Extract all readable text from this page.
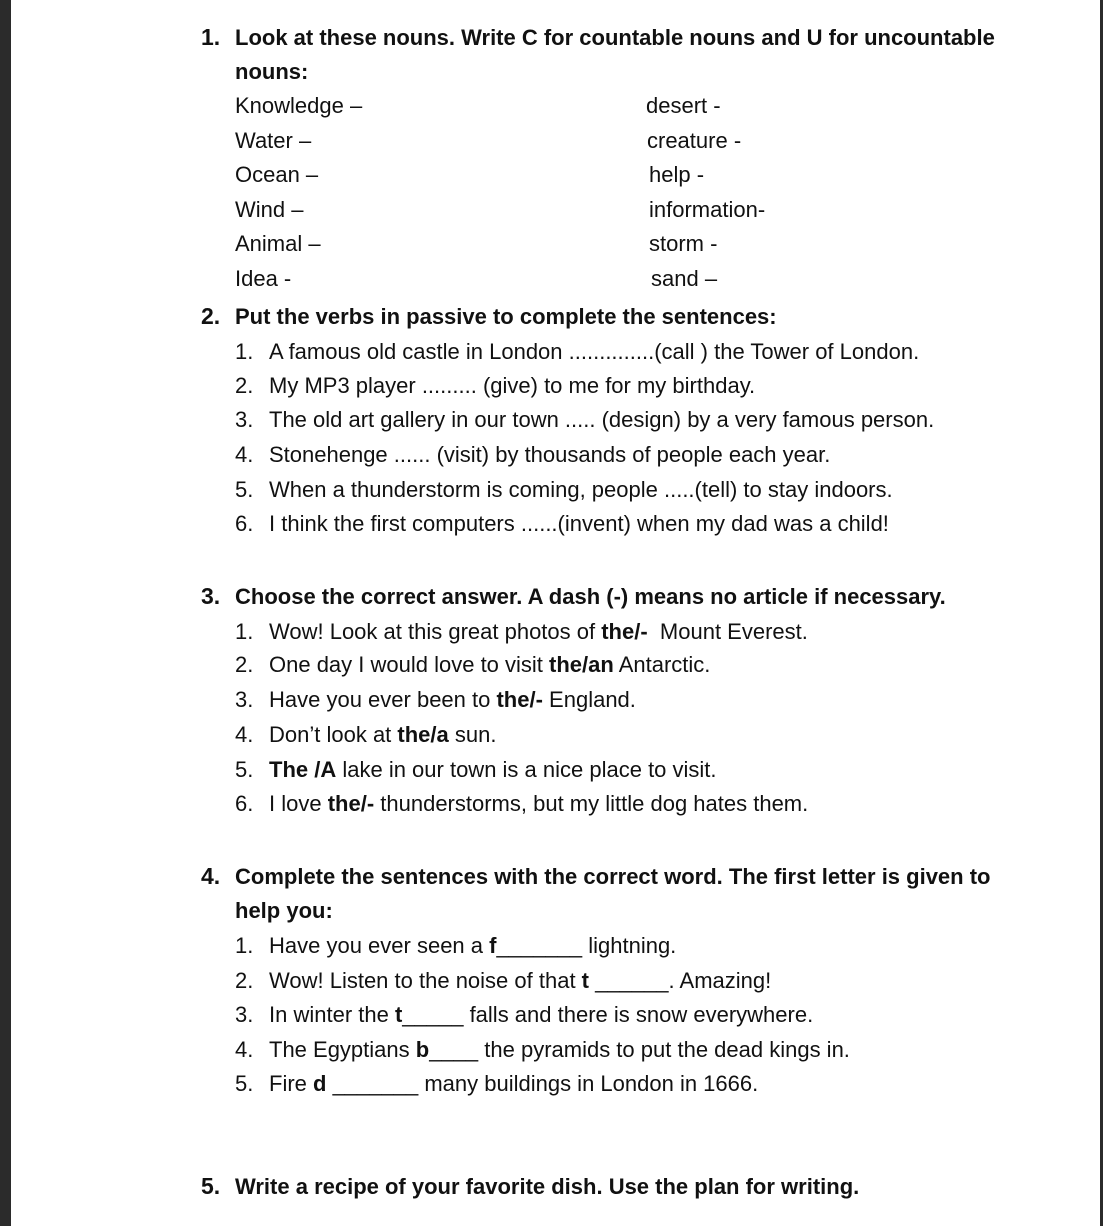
1. Look at these nouns. Write C for countable nouns and U for uncountable
nouns:
Knowledge –
Water –
Ocean –
Wind –
Animal –
Idea -
desert -
creature -
help -
information-
storm -
sand –
2. Put the verbs in passive to complete the sentences:
1. A famous old castle in London ..............(call ) the Tower of London.
2. My MP3 player ......... (give) to me for my birthday.
3. The old art gallery in our town ..... (design) by a very famous person.
4. Stonehenge ...... (visit) by thousands of people each year.
5. When a thunderstorm is coming, people .....(tell) to stay indoors.
6. I think the first computers ......(invent) when my dad was a child!
3. Choose the correct answer. A dash (-) means no article if necessary.
1. Wow! Look at this great photos of the/-  Mount Everest.
2. One day I would love to visit the/an Antarctic.
3. Have you ever been to the/- England.
4. Don’t look at the/a sun.
5. The /A lake in our town is a nice place to visit.
6. I love the/- thunderstorms, but my little dog hates them.
4. Complete the sentences with the correct word. The first letter is given to
help you:
1. Have you ever seen a f_______ lightning.
2. Wow! Listen to the noise of that t ______. Amazing!
3. In winter the t_____ falls and there is snow everywhere.
4. The Egyptians b____ the pyramids to put the dead kings in.
5. Fire d _______ many buildings in London in 1666.
5. Write a recipe of your favorite dish. Use the plan for writing.
